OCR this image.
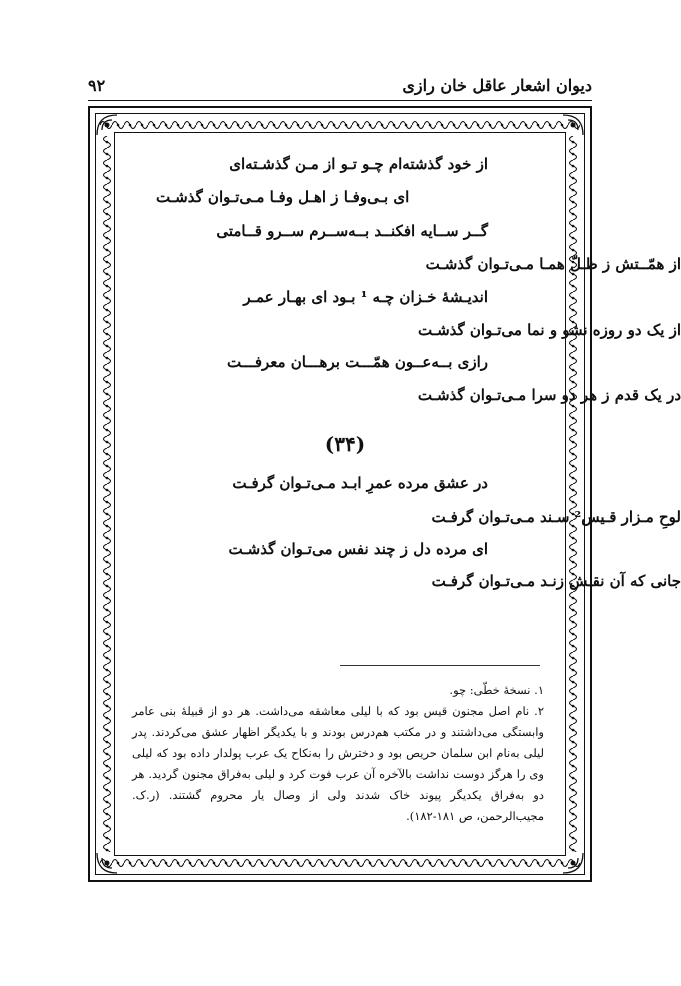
دیوان اشعار عاقل خان رازی
۹۲
از خود گذشته‌ام چـو تـو از مـن گذشـته‌ای
ای بـی‌وفـا ز اهـل وفـا مـی‌تـوان گذشـت
گــر ســایه افکنــد بــه‌ســرم ســرو قــامتی
از همّــتش ز ظـلّ همـا مـی‌تـوان گذشـت
اندیـشهٔ خـزان چـه ¹ بـود ای بهـار عمـر
از یک دو روزه نشو و نما می‌تـوان گذشـت
رازی بــه‌عــون همّـــت برهـــان معرفـــت
در یک قدم ز هر دو سرا مـی‌تـوان گذشـت
(۳۴)
در عشق مرده عمرِ ابـد مـی‌تـوان گرفـت
لوحِ مـزار قـیس² سـند مـی‌تـوان گرفـت
ای مرده دل ز چند نفس می‌تـوان گذشـت
جانی که آن نقـش زنـد مـی‌تـوان گرفـت

۱. نسخهٔ خطّی: چو.

۲. نام اصل مجنون قیس بود که با لیلی معاشقه می‌داشت. هر دو از قبیلهٔ بنی عامر وابستگی می‌داشتند و در مکتب هم‌درس بودند و با یکدیگر اظهار عشق می‌کردند. پدر لیلی به‌نام ابن سلمان حریص بود و دخترش را به‌نکاح یک عرب پولدار داده بود که لیلی وی را هرگز دوست نداشت بالآخره آن عرب فوت کرد و لیلی به‌فراق مجنون گردید. هر دو به‌فراق یکدیگر پیوند خاک شدند ولی از وصال یار محروم گشتند. (ر.ک. مجیب‌الرحمن، ص ۱۸۱-۱۸۲).
